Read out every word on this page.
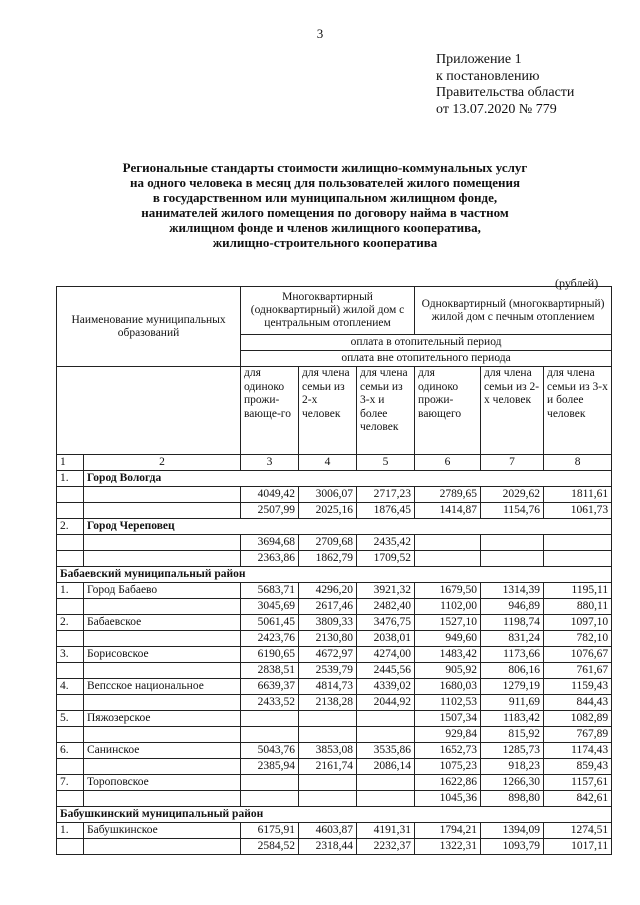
3
Приложение 1
к постановлению
Правительства области
от 13.07.2020 № 779
Региональные стандарты стоимости жилищно-коммунальных услуг
на одного человека в месяц для пользователей жилого помещения
в государственном или муниципальном жилищном фонде,
нанимателей жилого помещения по договору найма в частном
жилищном фонде и членов жилищного кооператива,
жилищно-строительного кооператива
(рублей)
Наименование муниципальных образований		Многоквартирный (одноквартирный) жилой дом с центральным отоплением			Одноквартирный (многоквартирный) жилой дом с печным отоплением		
		оплата в отопительный период					
		оплата вне отопительного периода					
		для одиноко прожи-вающе-го	для члена семьи из 2-х человек	для члена семьи из 3-х и более человек	для одиноко прожи-вающего	для члена семьи из 2-х человек	для члена семьи из 3-х и более человек
1	2	3	4	5	6	7	8
1.	Город Вологда						
		4049,42	3006,07	2717,23	2789,65	2029,62	1811,61
		2507,99	2025,16	1876,45	1414,87	1154,76	1061,73
2.	Город Череповец						
		3694,68	2709,68	2435,42			
		2363,86	1862,79	1709,52			
Бабаевский муниципальный район							
1.	Город Бабаево	5683,71	4296,20	3921,32	1679,50	1314,39	1195,11
		3045,69	2617,46	2482,40	1102,00	946,89	880,11
2.	Бабаевское	5061,45	3809,33	3476,75	1527,10	1198,74	1097,10
		2423,76	2130,80	2038,01	949,60	831,24	782,10
3.	Борисовское	6190,65	4672,97	4274,00	1483,42	1173,66	1076,67
		2838,51	2539,79	2445,56	905,92	806,16	761,67
4.	Вепсское национальное	6639,37	4814,73	4339,02	1680,03	1279,19	1159,43
		2433,52	2138,28	2044,92	1102,53	911,69	844,43
5.	Пяжозерское				1507,34	1183,42	1082,89
					929,84	815,92	767,89
6.	Санинское	5043,76	3853,08	3535,86	1652,73	1285,73	1174,43
		2385,94	2161,74	2086,14	1075,23	918,23	859,43
7.	Тороповское				1622,86	1266,30	1157,61
					1045,36	898,80	842,61
Бабушкинский муниципальный район							
1.	Бабушкинское	6175,91	4603,87	4191,31	1794,21	1394,09	1274,51
		2584,52	2318,44	2232,37	1322,31	1093,79	1017,11
